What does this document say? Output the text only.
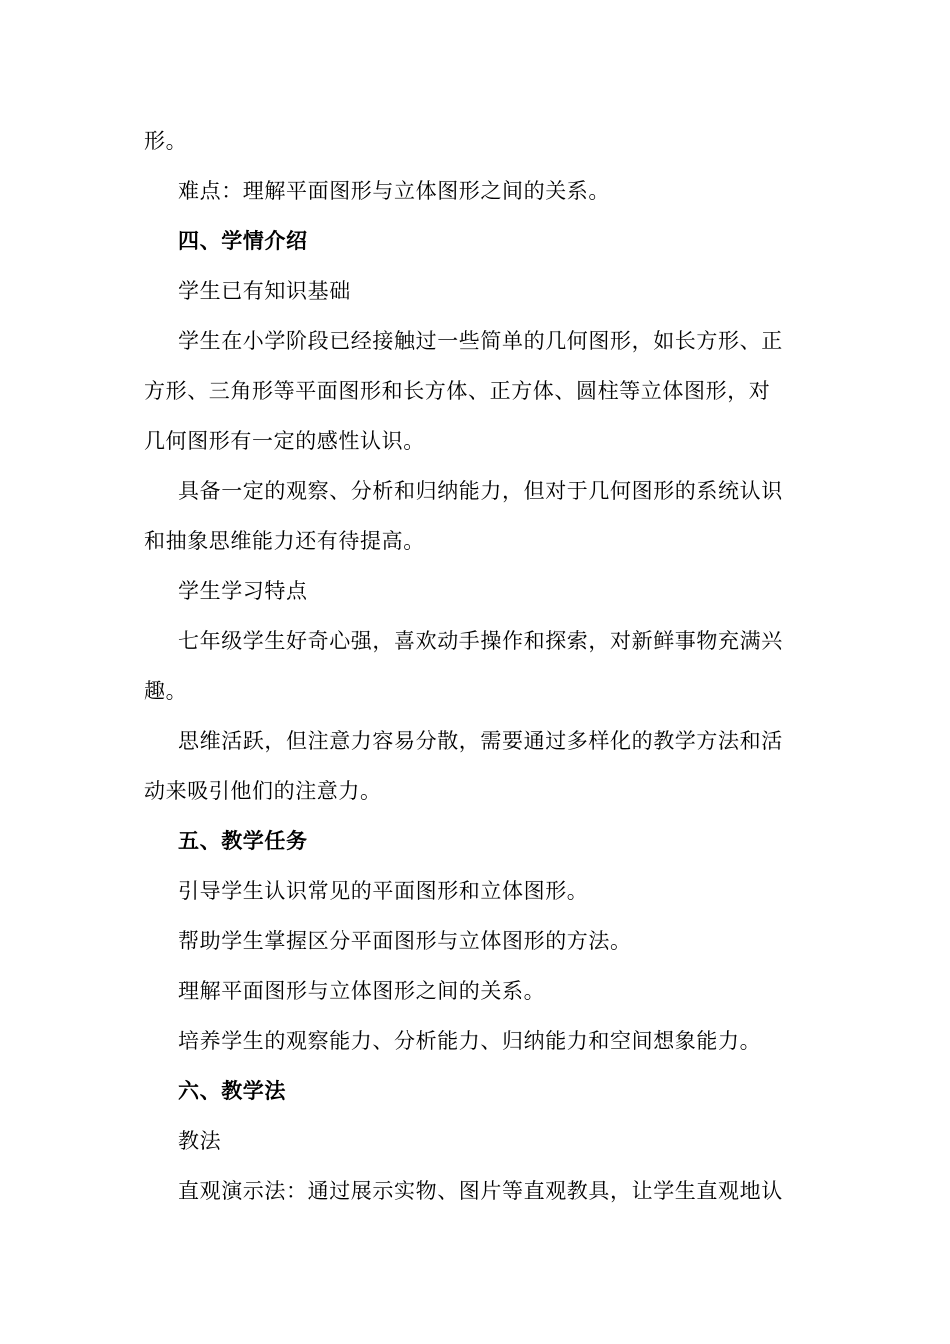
形。
难点：理解平面图形与立体图形之间的关系。
四、学情介绍
学生已有知识基础
学生在小学阶段已经接触过一些简单的几何图形，如长方形、正
方形、三角形等平面图形和长方体、正方体、圆柱等立体图形，对
几何图形有一定的感性认识。
具备一定的观察、分析和归纳能力，但对于几何图形的系统认识
和抽象思维能力还有待提高。
学生学习特点
七年级学生好奇心强，喜欢动手操作和探索，对新鲜事物充满兴
趣。
思维活跃，但注意力容易分散，需要通过多样化的教学方法和活
动来吸引他们的注意力。
五、教学任务
引导学生认识常见的平面图形和立体图形。
帮助学生掌握区分平面图形与立体图形的方法。
理解平面图形与立体图形之间的关系。
培养学生的观察能力、分析能力、归纳能力和空间想象能力。
六、教学法
教法
直观演示法：通过展示实物、图片等直观教具，让学生直观地认
